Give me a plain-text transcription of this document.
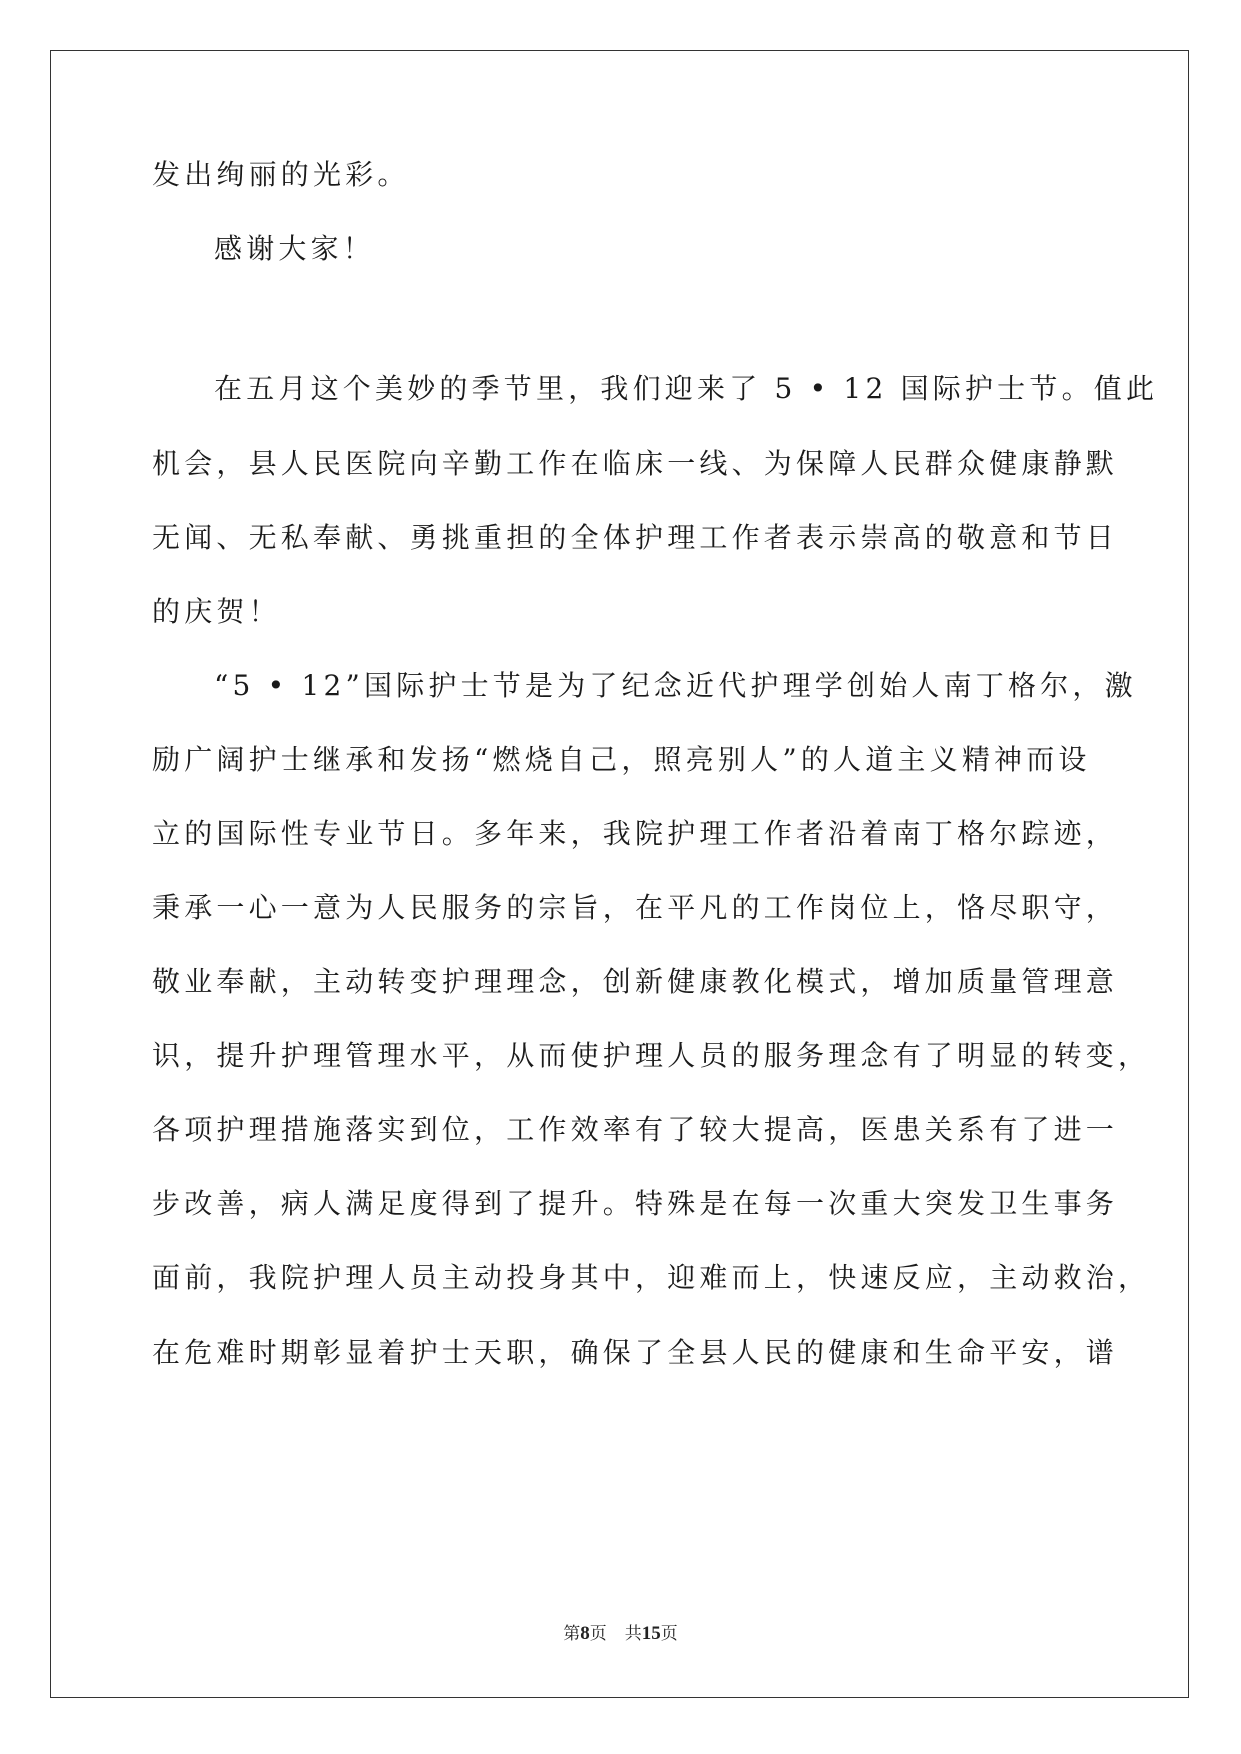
发出绚丽的光彩。
感谢大家！
在五月这个美妙的季节里，我们迎来了 5 • 12 国际护士节。值此
机会，县人民医院向辛勤工作在临床一线、为保障人民群众健康静默
无闻、无私奉献、勇挑重担的全体护理工作者表示崇高的敬意和节日
的庆贺！
“5 • 12”国际护士节是为了纪念近代护理学创始人南丁格尔，激
励广阔护士继承和发扬“燃烧自己，照亮别人”的人道主义精神而设
立的国际性专业节日。多年来，我院护理工作者沿着南丁格尔踪迹，
秉承一心一意为人民服务的宗旨，在平凡的工作岗位上，恪尽职守，
敬业奉献，主动转变护理理念，创新健康教化模式，增加质量管理意
识，提升护理管理水平，从而使护理人员的服务理念有了明显的转变，
各项护理措施落实到位，工作效率有了较大提高，医患关系有了进一
步改善，病人满足度得到了提升。特殊是在每一次重大突发卫生事务
面前，我院护理人员主动投身其中，迎难而上，快速反应，主动救治，
在危难时期彰显着护士天职，确保了全县人民的健康和生命平安，谱
第8页 共15页
